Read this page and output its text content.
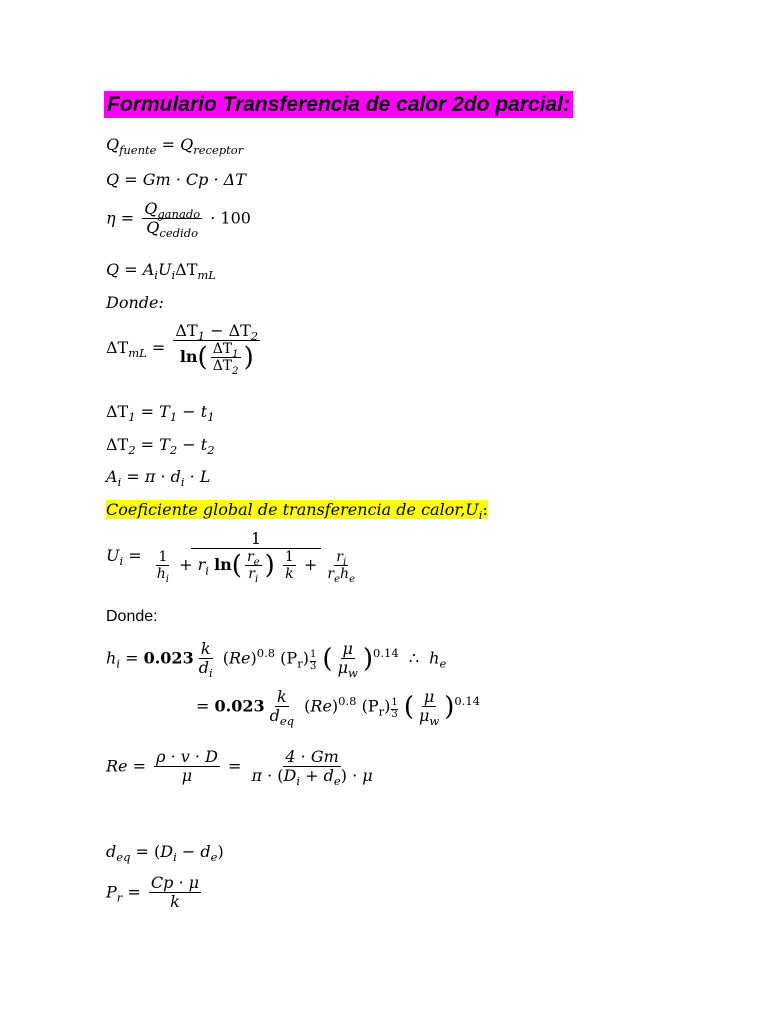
Formulario Transferencia de calor 2do parcial:
$Q_{fuente} = Q_{receptor}$
Q = Gm · Cp · ΔT
$\eta = \frac{Q_{ganado}}{Q_{cedido}} \cdot 100$
$Q = A_iU_i\Delta T_{mL}$
Donde:
$\Delta T_{mL} = \frac{\Delta T_1 - \Delta T_2}{\ln( \frac{\Delta T_1}{\Delta T_2} )}$
$\Delta T_1 = T_1 - t_1$
$\Delta T_2 = T_2 - t_2$
$A_i = \pi \cdot d_i \cdot L$
Coeficiente global de transferencia de $calor,U_i$:
$U_i$ =
1
$\frac{1}{h_i} + r_i$ $\ln( \frac{r_e}{r_i}$ ) $\frac{1}{k} + \frac{r_i}{r_eh_e}$
Donde:
$h_i = 0.023 \frac{k}{d_i} (Re)^{0.8}$ $(P_r) \frac{1}{3}$ ( $\frac{\mu}{\mu_w} )^{0.14}$ ∴ $h_e$
= $0.023 \frac{k}{d_{eq}} (Re)^{0.8}$ $(P_r) \frac{1}{3}$ ( $\frac{\mu}{\mu_w} )^{0.14}$
$Re = \frac{\rho \cdot v \cdot D}{\mu} = \frac{4 \cdot Gm}{\pi \cdot (D_i + d_e) \cdot \mu}$
$d_{eq} = (D_i - d_e)$
$P_r = \frac{Cp \cdot \mu}{k}$
